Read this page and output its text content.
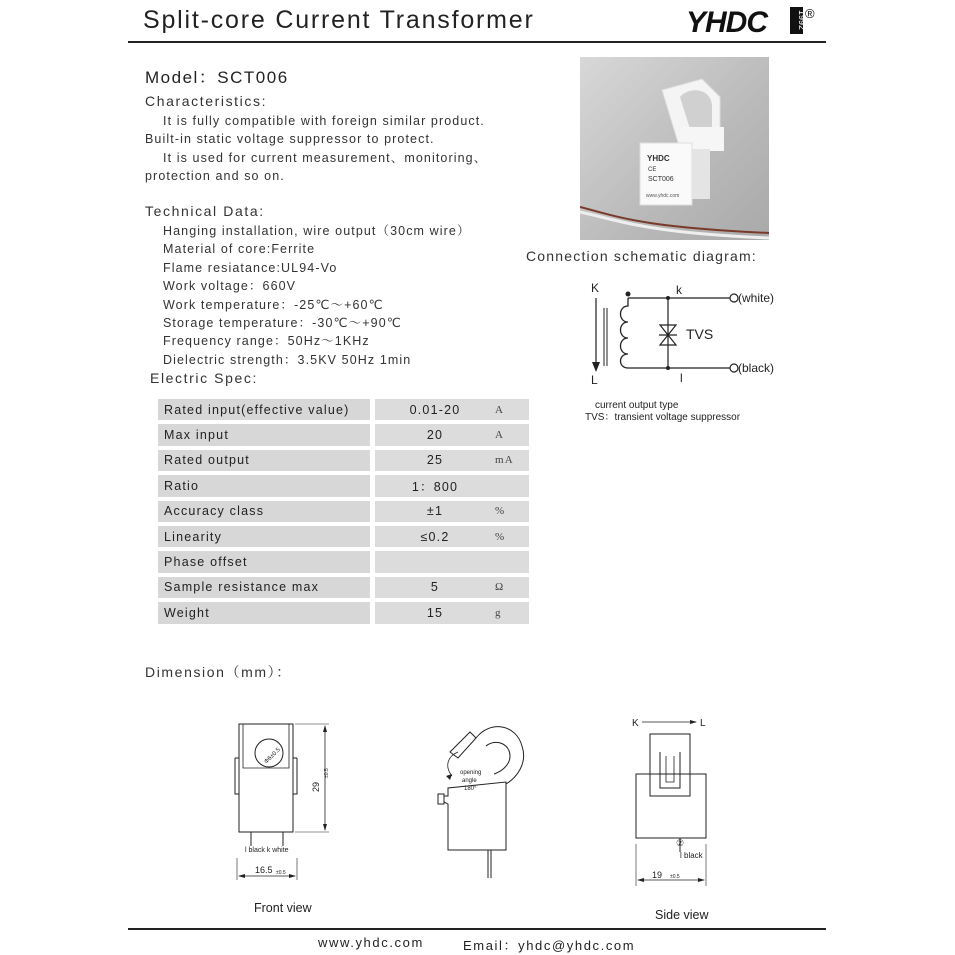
Split-core Current Transformer	YHDC	1992
®
Model：SCT006
Characteristics:
It is fully compatible with foreign similar product.
Built-in static voltage suppressor to protect.
It is used for current measurement、monitoring、
protection and so on.
Technical Data:
Hanging installation, wire output（30cm wire）
Material of core:Ferrite
Flame resiatance:UL94-Vo
Work voltage：660V
Work temperature：-25℃～+60℃
Storage temperature：-30℃～+90℃
Frequency range：50Hz～1KHz
Dielectric strength：3.5KV 50Hz 1min
Electric Spec:
Rated input(effective value)		0.01-20	A
Max input		20	A
Rated output		25	mA
Ratio		1：800	
Accuracy class		±1	%
Linearity		≤0.2	%
Phase offset			
Sample resistance max		5	Ω
Weight		15	g
YHDC
CE
SCT006
www.yhdc.com
Connection schematic diagram:
K
L
k
l
TVS
(white)
(black)
current output type
TVS：transient voltage suppressor
Dimension（mm）：
Φ6±0.5
l black k white
29
±0.5
16.5 ±0.5
Front view
opening
angle
180°
K	L
②
l black
19 ±0.5
Side view
www.yhdc.com	Email：yhdc@yhdc.com
